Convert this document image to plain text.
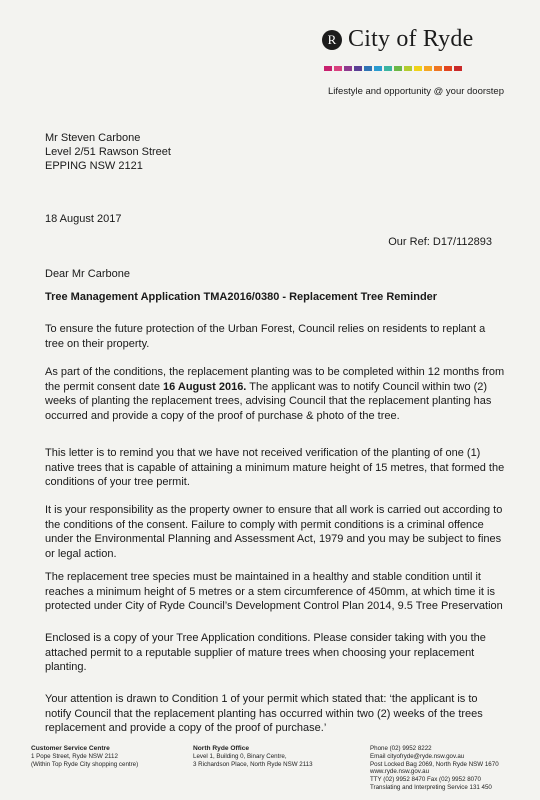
R City of Ryde
Lifestyle and opportunity @ your doorstep
Mr Steven Carbone
Level 2/51 Rawson Street
EPPING NSW 2121
18 August 2017
Our Ref: D17/112893
Dear Mr Carbone
Tree Management Application TMA2016/0380 - Replacement Tree Reminder
To ensure the future protection of the Urban Forest, Council relies on residents to replant a tree on their property.
As part of the conditions, the replacement planting was to be completed within 12 months from the permit consent date 16 August 2016. The applicant was to notify Council within two (2) weeks of planting the replacement trees, advising Council that the replacement planting has occurred and provide a copy of the proof of purchase & photo of the tree.
This letter is to remind you that we have not received verification of the planting of one (1) native trees that is capable of attaining a minimum mature height of 15 metres, that formed the conditions of your tree permit.
It is your responsibility as the property owner to ensure that all work is carried out according to the conditions of the consent. Failure to comply with permit conditions is a criminal offence under the Environmental Planning and Assessment Act, 1979 and you may be subject to fines or legal action.
The replacement tree species must be maintained in a healthy and stable condition until it reaches a minimum height of 5 metres or a stem circumference of 450mm, at which time it is protected under City of Ryde Council’s Development Control Plan 2014, 9.5 Tree Preservation
Enclosed is a copy of your Tree Application conditions. Please consider taking with you the attached permit to a reputable supplier of mature trees when choosing your replacement planting.
Your attention is drawn to Condition 1 of your permit which stated that: ‘the applicant is to notify Council that the replacement planting has occurred within two (2) weeks of the trees replacement and provide a copy of the proof of purchase.’
Customer Service Centre
1 Pope Street, Ryde NSW 2112
(Within Top Ryde City shopping centre)
North Ryde Office
Level 1, Building 0, Binary Centre,
3 Richardson Place, North Ryde NSW 2113
Phone (02) 9952 8222
Email cityofryde@ryde.nsw.gov.au
Post Locked Bag 2069, North Ryde NSW 1670
www.ryde.nsw.gov.au
TTY (02) 9952 8470 Fax (02) 9952 8070
Translating and Interpreting Service 131 450
